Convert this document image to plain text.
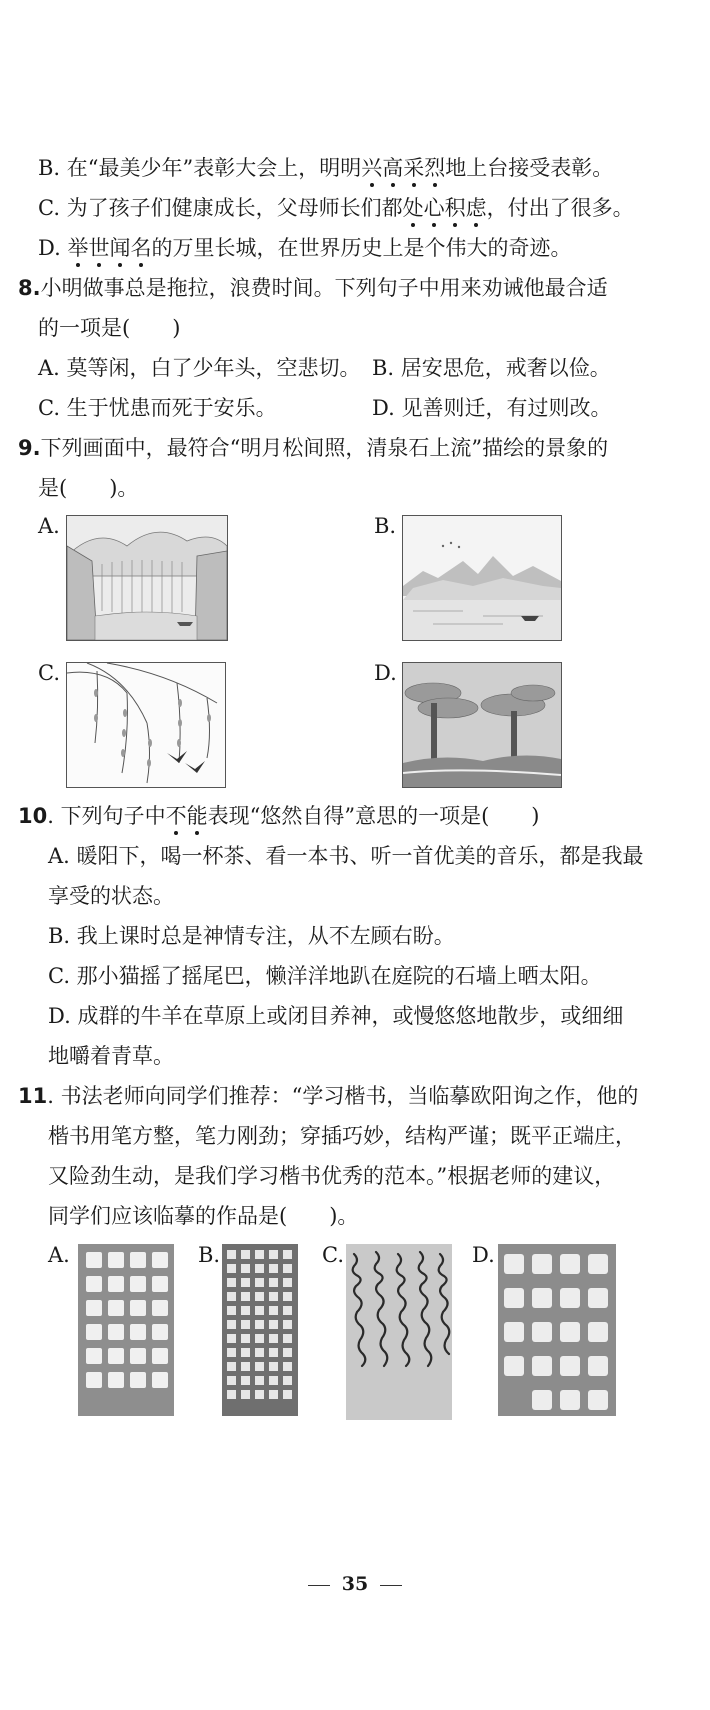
B. 在“最美少年”表彰大会上，明明兴高采烈地上台接受表彰。
C. 为了孩子们健康成长，父母师长们都处心积虑，付出了很多。
D. 举世闻名的万里长城，在世界历史上是个伟大的奇迹。
8.小明做事总是拖拉，浪费时间。下列句子中用来劝诫他最合适
的一项是(　　)
A. 莫等闲，白了少年头，空悲切。 B. 居安思危，戒奢以俭。
C. 生于忧患而死于安乐。	D. 见善则迁，有过则改。
9.下列画面中，最符合“明月松间照，清泉石上流”描绘的景象的
是(　　)。
A.	B.
C.	D.
10. 下列句子中不能表现“悠然自得”意思的一项是(　　)
A. 暖阳下，喝一杯茶、看一本书、听一首优美的音乐，都是我最
享受的状态。
B. 我上课时总是神情专注，从不左顾右盼。
C. 那小猫摇了摇尾巴，懒洋洋地趴在庭院的石墙上晒太阳。
D. 成群的牛羊在草原上或闭目养神，或慢悠悠地散步，或细细
地嚼着青草。
11. 书法老师向同学们推荐：“学习楷书，当临摹欧阳询之作，他的
楷书用笔方整，笔力刚劲；穿插巧妙，结构严谨；既平正端庄，
又险劲生动，是我们学习楷书优秀的范本。”根据老师的建议，
同学们应该临摹的作品是(　　)。
A.	B.	C.	D.
35
